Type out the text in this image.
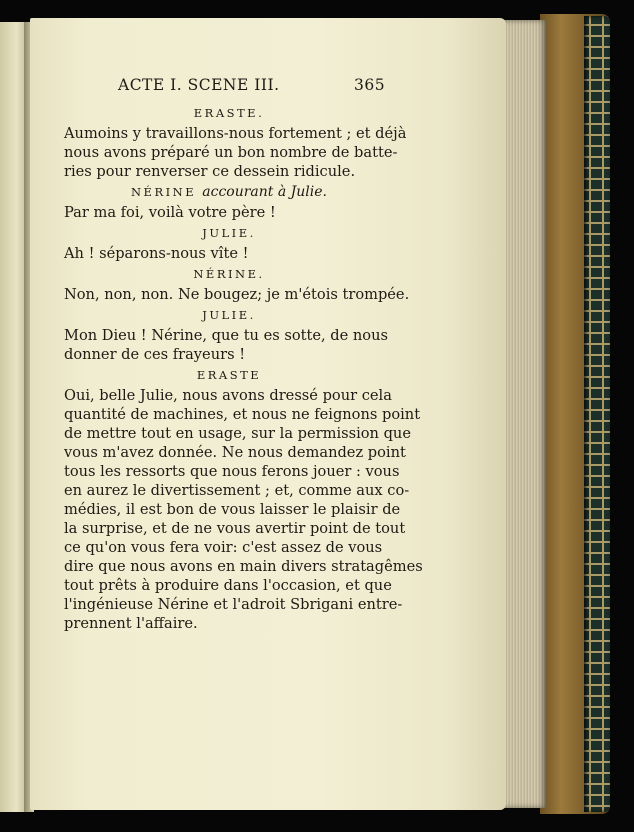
ACTE I. SCENE III.	365
ERASTE.
Aumoins y travaillons-nous fortement ; et déjà
nous avons préparé un bon nombre de batte-
ries pour renverser ce dessein ridicule.
NÉRINE accourant à Julie.
Par ma foi, voilà votre père !
JULIE.
Ah ! séparons-nous vîte !
NÉRINE.
Non, non, non. Ne bougez; je m'étois trompée.
JULIE.
Mon Dieu ! Nérine, que tu es sotte, de nous
donner de ces frayeurs !
ERASTE
Oui, belle Julie, nous avons dressé pour cela
quantité de machines, et nous ne feignons point
de mettre tout en usage, sur la permission que
vous m'avez donnée. Ne nous demandez point
tous les ressorts que nous ferons jouer : vous
en aurez le divertissement ; et, comme aux co-
médies, il est bon de vous laisser le plaisir de
la surprise, et de ne vous avertir point de tout
ce qu'on vous fera voir: c'est assez de vous
dire que nous avons en main divers stratagêmes
tout prêts à produire dans l'occasion, et que
l'ingénieuse Nérine et l'adroit Sbrigani entre-
prennent l'affaire.
